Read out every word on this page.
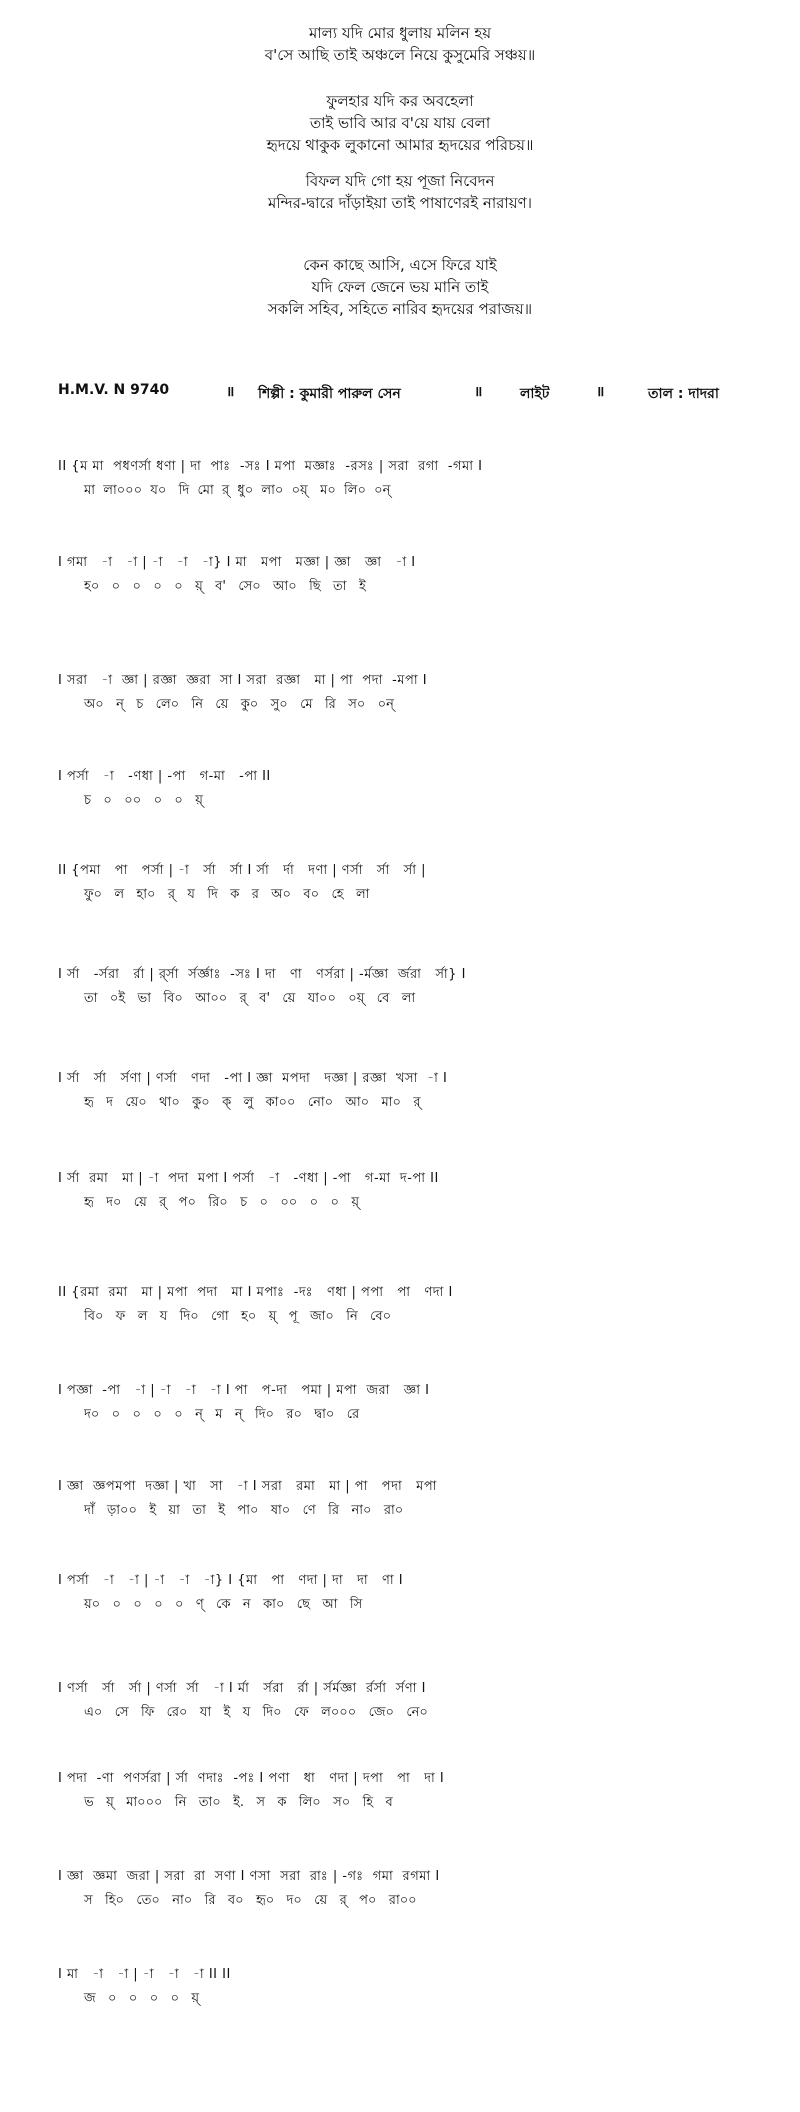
মাল্য যদি মোর ধুলায় মলিন হয়
ব'সে আছি তাই অঞ্চলে নিয়ে কুসুমেরি সঞ্চয়॥
ফুলহার যদি কর অবহেলা
তাই ভাবি আর ব'য়ে যায় বেলা
হৃদয়ে থাকুক লুকানো আমার হৃদয়ের পরিচয়॥
বিফল যদি গো হয় পূজা নিবেদন
মন্দির-দ্বারে দাঁড়াইয়া তাই পাষাণেরই নারায়ণ।
কেন কাছে আসি, এসে ফিরে যাই
যদি ফেল জেনে ভয় মানি তাই
সকলি সহিব, সহিতে নারিব হৃদয়ের পরাজয়॥
H.M.V. N 9740	॥ শিল্পী : কুমারী পারুল সেন	॥	লাইট	॥	তাল : দাদরা
II {ম মা  পধণর্সা ধণা | দা  পাঃ  -সঃ I মপা  মজ্ঞাঃ  -রসঃ | সরা  রগা  -গমা I
মা  লা০০০  য০   দি  মো  র্  ধু০  লা০  ০য়্   ম০  লি০  ০ন্
I গমা   -া   -া | -া   -া   -া} I মা   মপা   মজ্ঞা | জ্ঞা   জ্ঞা   -া I
হ০   ০   ০   ০   ০   য়্   ব'   সে০   আ০   ছি   তা   ই
I সরা   -া  জ্ঞা | রজ্ঞা  জ্ঞরা  সা I সরা  রজ্ঞা   মা | পা  পদা  -মপা I
অ০   ন্   চ   লে০   নি   য়ে   কু০   সু০   মে   রি   স০   ০ন্
I পর্সা   -া   -ণধা | -পা   গ-মা   -পা II
চ   ০   ০০   ০   ০   য়্
II {পমা   পা   পর্সা | -া   র্সা   র্সা I র্সা   র্দা   দণা | ণর্সা   র্সা   র্সা |
ফু০   ল   হা০   র্   য   দি   ক   র   অ০   ব০   হে   লা
I র্সা   -র্সরা   র্রা | র্র্সা  র্সর্জ্ঞাঃ  -সঃ I দা   ণা   ণর্সরা | -র্মজ্ঞা  র্জরা   র্সা} I
তা   ০ই   ভা   বি০   আ০০   র্   ব'   য়ে   যা০০   ০য়্   বে   লা
I র্সা   র্সা   র্সণা | ণর্সা   ণদা   -পা I জ্ঞা  মপদা   দজ্ঞা | রজ্ঞা  খসা  -া I
হৃ   দ   য়ে০   থা০   কু০   ক্   লু   কা০০   নো০   আ০   মা০   র্
I র্সা  রমা   মা | -া  পদা  মপা I পর্সা   -া   -ণধা | -পা   গ-মা  দ-পা II
হৃ   দ০   য়ে   র্   প০   রি০   চ   ০   ০০   ০   ০   য়্
II {রমা  রমা   মা | মপা  পদা   মা I মপাঃ  -দঃ   ণধা | পপা   পা   ণদা I
বি০   ফ   ল   য   দি০   গো   হ০   য়্   পূ   জা০   নি   বে০
I পজ্ঞা  -পা   -া | -া   -া   -া I পা   প-দা   পমা | মপা  জরা   জ্ঞা I
দ০   ০   ০   ০   ০   ন্   ম   ন্   দি০   র০   দ্বা০   রে
I জ্ঞা  জ্ঞপমপা  দজ্ঞা | খা   সা   -া I সরা   রমা   মা | পা   পদা   মপা
দাঁ   ড়া০০   ই   য়া   তা   ই   পা০   ষা০   ণে   রি   না০   রা০
I পর্সা   -া   -া | -া   -া   -া} I {মা   পা   ণদা | দা   দা   ণা I
য়০   ০   ০   ০   ০   ণ্   কে   ন   কা০   ছে   আ   সি
I ণর্সা   র্সা   র্সা | ণর্সা  র্সা   -া I র্মা   র্সরা   র্রা | র্সর্মজ্ঞা  র্রর্সা  র্সণা I
এ০   সে   ফি   রে০   যা   ই   য   দি০   ফে   ল০০০   জে০   নে০
I পদা  -ণা  পণর্সরা | র্সা  ণদাঃ  -পঃ I পণা   ধা   ণদা | দপা   পা   দা I
ভ   য়্   মা০০০   নি   তা০   ই.   স   ক   লি০   স০   হি   ব
I জ্ঞা  জ্ঞমা  জরা | সরা  রা  সণা I ণসা  সরা  রাঃ | -গঃ  গমা  রগমা I
স   হি০   তে০   না০   রি   ব০   হৃ০   দ০   য়ে   র্   প০   রা০০
I মা   -া   -া | -া   -া   -া II II
জ   ০   ০   ০   ০   য়্
